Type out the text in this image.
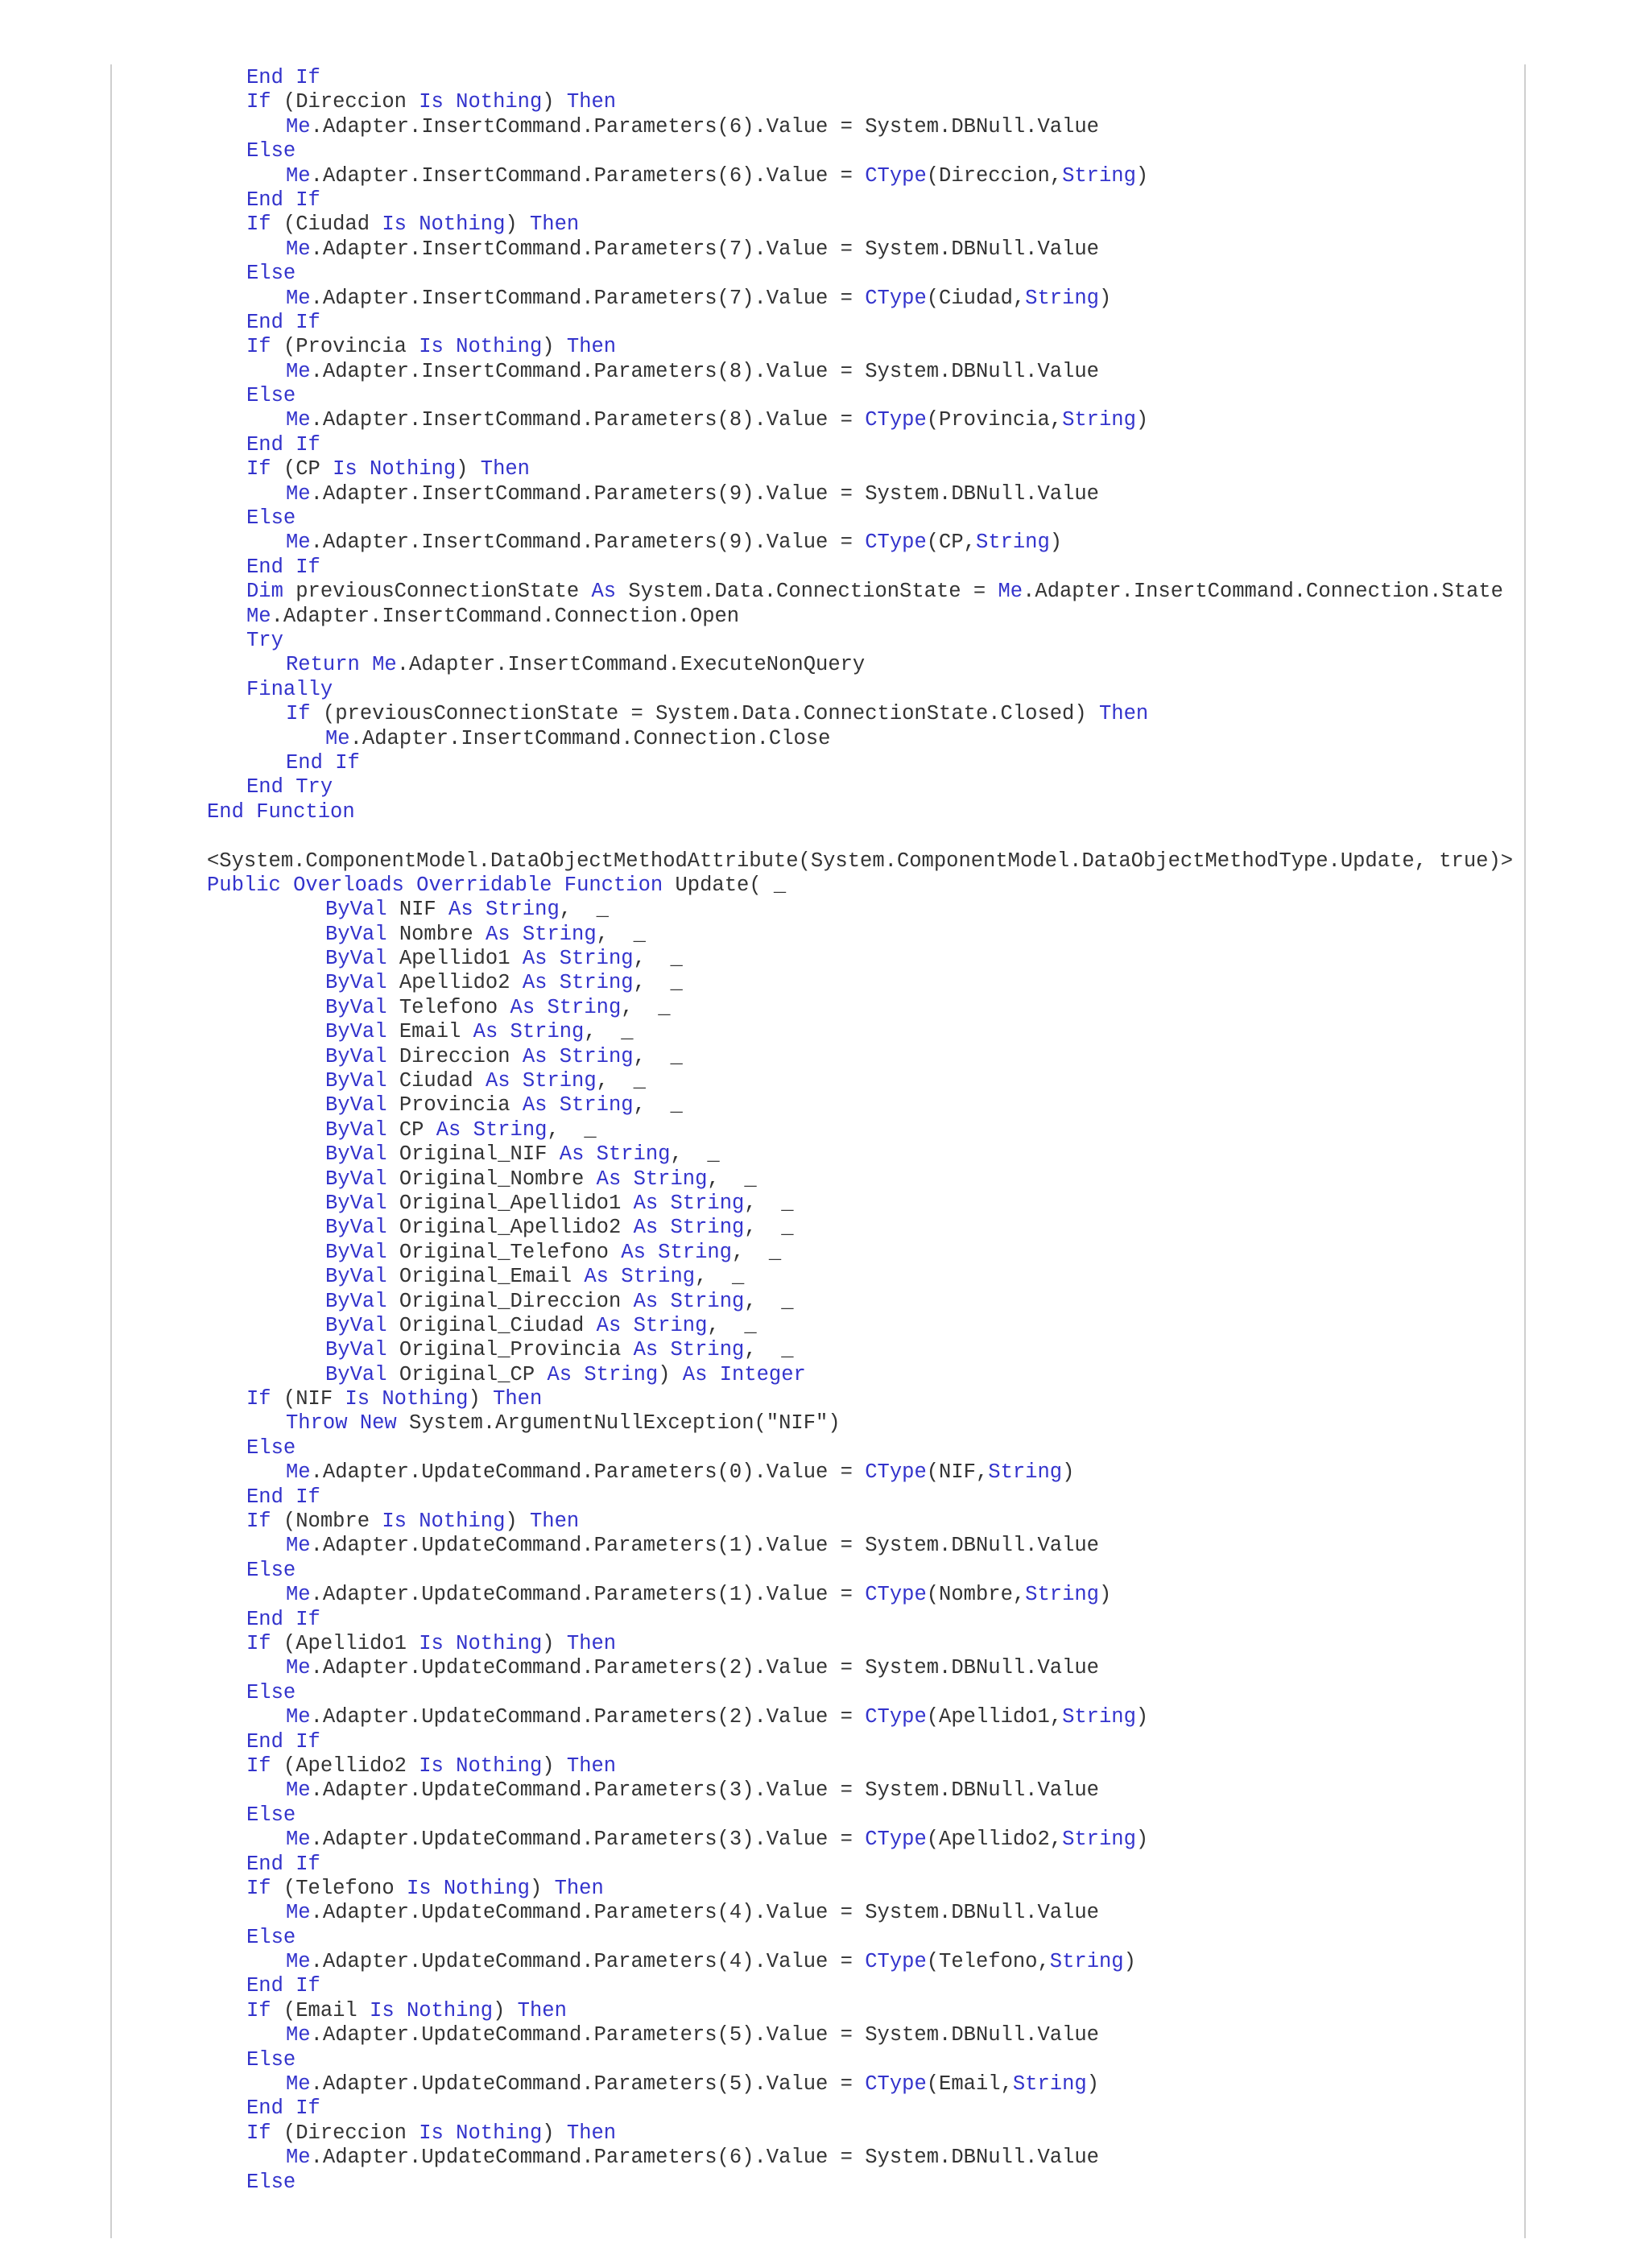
End If
If (Direccion Is Nothing) Then
Me.Adapter.InsertCommand.Parameters(6).Value = System.DBNull.Value
Else
Me.Adapter.InsertCommand.Parameters(6).Value = CType(Direccion,String)
End If
If (Ciudad Is Nothing) Then
Me.Adapter.InsertCommand.Parameters(7).Value = System.DBNull.Value
Else
Me.Adapter.InsertCommand.Parameters(7).Value = CType(Ciudad,String)
End If
If (Provincia Is Nothing) Then
Me.Adapter.InsertCommand.Parameters(8).Value = System.DBNull.Value
Else
Me.Adapter.InsertCommand.Parameters(8).Value = CType(Provincia,String)
End If
If (CP Is Nothing) Then
Me.Adapter.InsertCommand.Parameters(9).Value = System.DBNull.Value
Else
Me.Adapter.InsertCommand.Parameters(9).Value = CType(CP,String)
End If
Dim previousConnectionState As System.Data.ConnectionState = Me.Adapter.InsertCommand.Connection.State
Me.Adapter.InsertCommand.Connection.Open
Try
Return Me.Adapter.InsertCommand.ExecuteNonQuery
Finally
If (previousConnectionState = System.Data.ConnectionState.Closed) Then
Me.Adapter.InsertCommand.Connection.Close
End If
End Try
End Function
<System.ComponentModel.DataObjectMethodAttribute(System.ComponentModel.DataObjectMethodType.Update, true)>
Public Overloads Overridable Function Update( _
ByVal NIF As String,  _
ByVal Nombre As String,  _
ByVal Apellido1 As String,  _
ByVal Apellido2 As String,  _
ByVal Telefono As String,  _
ByVal Email As String,  _
ByVal Direccion As String,  _
ByVal Ciudad As String,  _
ByVal Provincia As String,  _
ByVal CP As String,  _
ByVal Original_NIF As String,  _
ByVal Original_Nombre As String,  _
ByVal Original_Apellido1 As String,  _
ByVal Original_Apellido2 As String,  _
ByVal Original_Telefono As String,  _
ByVal Original_Email As String,  _
ByVal Original_Direccion As String,  _
ByVal Original_Ciudad As String,  _
ByVal Original_Provincia As String,  _
ByVal Original_CP As String) As Integer
If (NIF Is Nothing) Then
Throw New System.ArgumentNullException("NIF")
Else
Me.Adapter.UpdateCommand.Parameters(0).Value = CType(NIF,String)
End If
If (Nombre Is Nothing) Then
Me.Adapter.UpdateCommand.Parameters(1).Value = System.DBNull.Value
Else
Me.Adapter.UpdateCommand.Parameters(1).Value = CType(Nombre,String)
End If
If (Apellido1 Is Nothing) Then
Me.Adapter.UpdateCommand.Parameters(2).Value = System.DBNull.Value
Else
Me.Adapter.UpdateCommand.Parameters(2).Value = CType(Apellido1,String)
End If
If (Apellido2 Is Nothing) Then
Me.Adapter.UpdateCommand.Parameters(3).Value = System.DBNull.Value
Else
Me.Adapter.UpdateCommand.Parameters(3).Value = CType(Apellido2,String)
End If
If (Telefono Is Nothing) Then
Me.Adapter.UpdateCommand.Parameters(4).Value = System.DBNull.Value
Else
Me.Adapter.UpdateCommand.Parameters(4).Value = CType(Telefono,String)
End If
If (Email Is Nothing) Then
Me.Adapter.UpdateCommand.Parameters(5).Value = System.DBNull.Value
Else
Me.Adapter.UpdateCommand.Parameters(5).Value = CType(Email,String)
End If
If (Direccion Is Nothing) Then
Me.Adapter.UpdateCommand.Parameters(6).Value = System.DBNull.Value
Else
